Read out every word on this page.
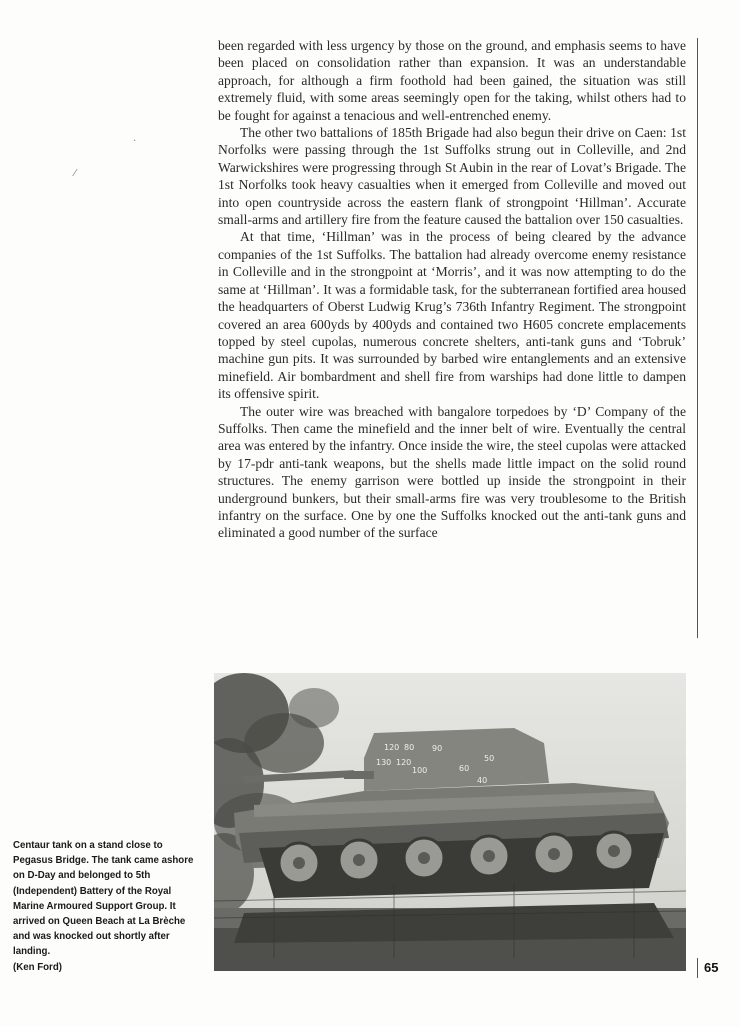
·
⁄

been regarded with less urgency by those on the ground, and emphasis seems to have been placed on consolidation rather than expansion. It was an understandable approach, for although a firm foothold had been gained, the situation was still extremely fluid, with some areas seemingly open for the taking, whilst others had to be fought for against a tenacious and well-entrenched enemy.

The other two battalions of 185th Brigade had also begun their drive on Caen: 1st Norfolks were passing through the 1st Suffolks strung out in Colleville, and 2nd Warwickshires were progressing through St Aubin in the rear of Lovat’s Brigade. The 1st Norfolks took heavy casualties when it emerged from Colleville and moved out into open countryside across the eastern flank of strongpoint ‘Hillman’. Accurate small-arms and artillery fire from the feature caused the battalion over 150 casualties.

At that time, ‘Hillman’ was in the process of being cleared by the advance companies of the 1st Suffolks. The battalion had already overcome enemy resistance in Colleville and in the strongpoint at ‘Morris’, and it was now attempting to do the same at ‘Hillman’. It was a formidable task, for the subterranean fortified area housed the headquarters of Oberst Ludwig Krug’s 736th Infantry Regiment. The strongpoint covered an area 600yds by 400yds and contained two H605 concrete emplacements topped by steel cupolas, numerous concrete shelters, anti-tank guns and ‘Tobruk’ machine gun pits. It was surrounded by barbed wire entanglements and an extensive minefield. Air bombardment and shell fire from warships had done little to dampen its offensive spirit.

The outer wire was breached with bangalore torpedoes by ‘D’ Company of the Suffolks. Then came the minefield and the inner belt of wire. Eventually the central area was entered by the infantry. Once inside the wire, the steel cupolas were attacked by 17-pdr anti-tank weapons, but the shells made little impact on the solid round structures. The enemy garrison were bottled up inside the strongpoint in their underground bunkers, but their small-arms fire was very troublesome to the British infantry on the surface. One by one the Suffolks knocked out the anti-tank guns and eliminated a good number of the surface

120 80
130 120
100	60
90
50
40
Centaur tank on a stand close to Pegasus Bridge. The tank came ashore on D-Day and belonged to 5th (Independent) Battery of the Royal Marine Armoured Support Group. It arrived on Queen Beach at La Brèche and was knocked out shortly after landing.
(Ken Ford)	65
